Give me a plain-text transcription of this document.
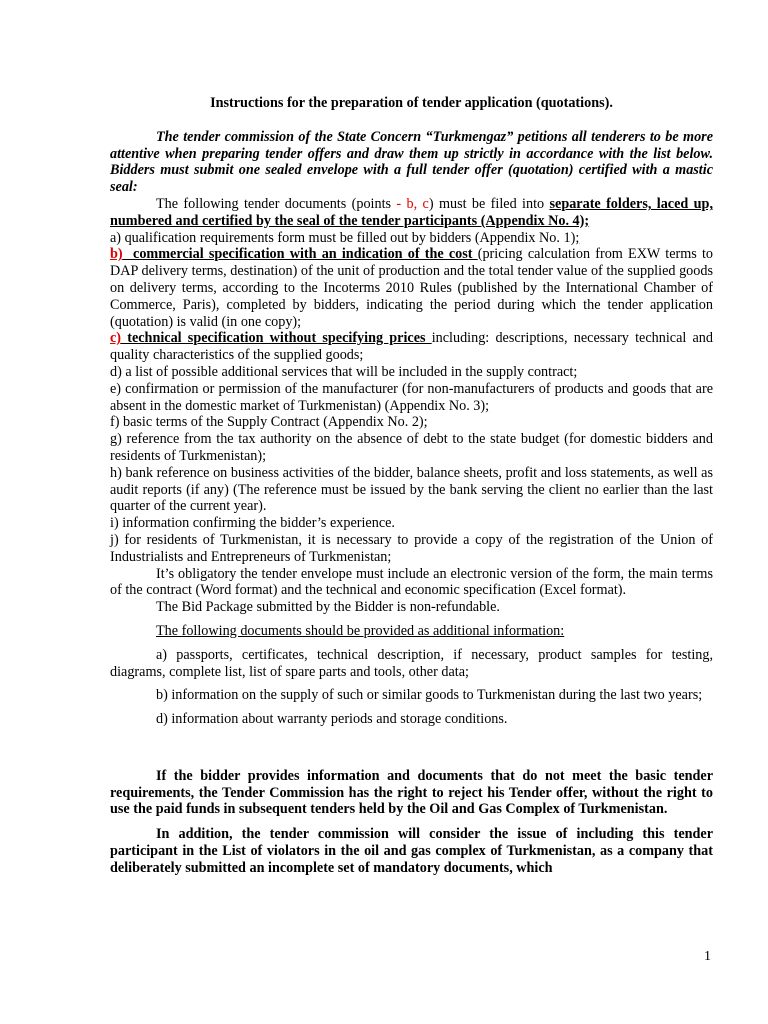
Instructions for the preparation of tender application (quotations).

The tender commission of the State Concern “Turkmengaz” petitions all tenderers to be more attentive when preparing tender offers and draw them up strictly in accordance with the list below. Bidders must submit one sealed envelope with a full tender offer (quotation) certified with a mastic seal:

The following tender documents (points - b, c) must be filed into separate folders, laced up, numbered and certified by the seal of the tender participants (Appendix No. 4);

a) qualification requirements form must be filled out by bidders (Appendix No. 1);

b) commercial specification with an indication of the cost (pricing calculation from EXW terms to DAP delivery terms, destination) of the unit of production and the total tender value of the supplied goods on delivery terms, according to the Incoterms 2010 Rules (published by the International Chamber of Commerce, Paris), completed by bidders, indicating the period during which the tender application (quotation) is valid (in one copy);

c) technical specification without specifying prices including: descriptions, necessary technical and quality characteristics of the supplied goods;

d) a list of possible additional services that will be included in the supply contract;

e) confirmation or permission of the manufacturer (for non-manufacturers of products and goods that are absent in the domestic market of Turkmenistan) (Appendix No. 3);

f) basic terms of the Supply Contract (Appendix No. 2);

g) reference from the tax authority on the absence of debt to the state budget (for domestic bidders and residents of Turkmenistan);

h) bank reference on business activities of the bidder, balance sheets, profit and loss statements, as well as audit reports (if any) (The reference must be issued by the bank serving the client no earlier than the last quarter of the current year).

i) information confirming the bidder’s experience.

j) for residents of Turkmenistan, it is necessary to provide a copy of the registration of the Union of Industrialists and Entrepreneurs of Turkmenistan;

It’s obligatory the tender envelope must include an electronic version of the form, the main terms of the contract (Word format) and the technical and economic specification (Excel format).

The Bid Package submitted by the Bidder is non-refundable.

The following documents should be provided as additional information:

a) passports, certificates, technical description, if necessary, product samples for testing, diagrams, complete list, list of spare parts and tools, other data;

b) information on the supply of such or similar goods to Turkmenistan during the last two years;

d) information about warranty periods and storage conditions.

If the bidder provides information and documents that do not meet the basic tender requirements, the Tender Commission has the right to reject his Tender offer, without the right to use the paid funds in subsequent tenders held by the Oil and Gas Complex of Turkmenistan.

In addition, the tender commission will consider the issue of including this tender participant in the List of violators in the oil and gas complex of Turkmenistan, as a company that deliberately submitted an incomplete set of mandatory documents, which

1
